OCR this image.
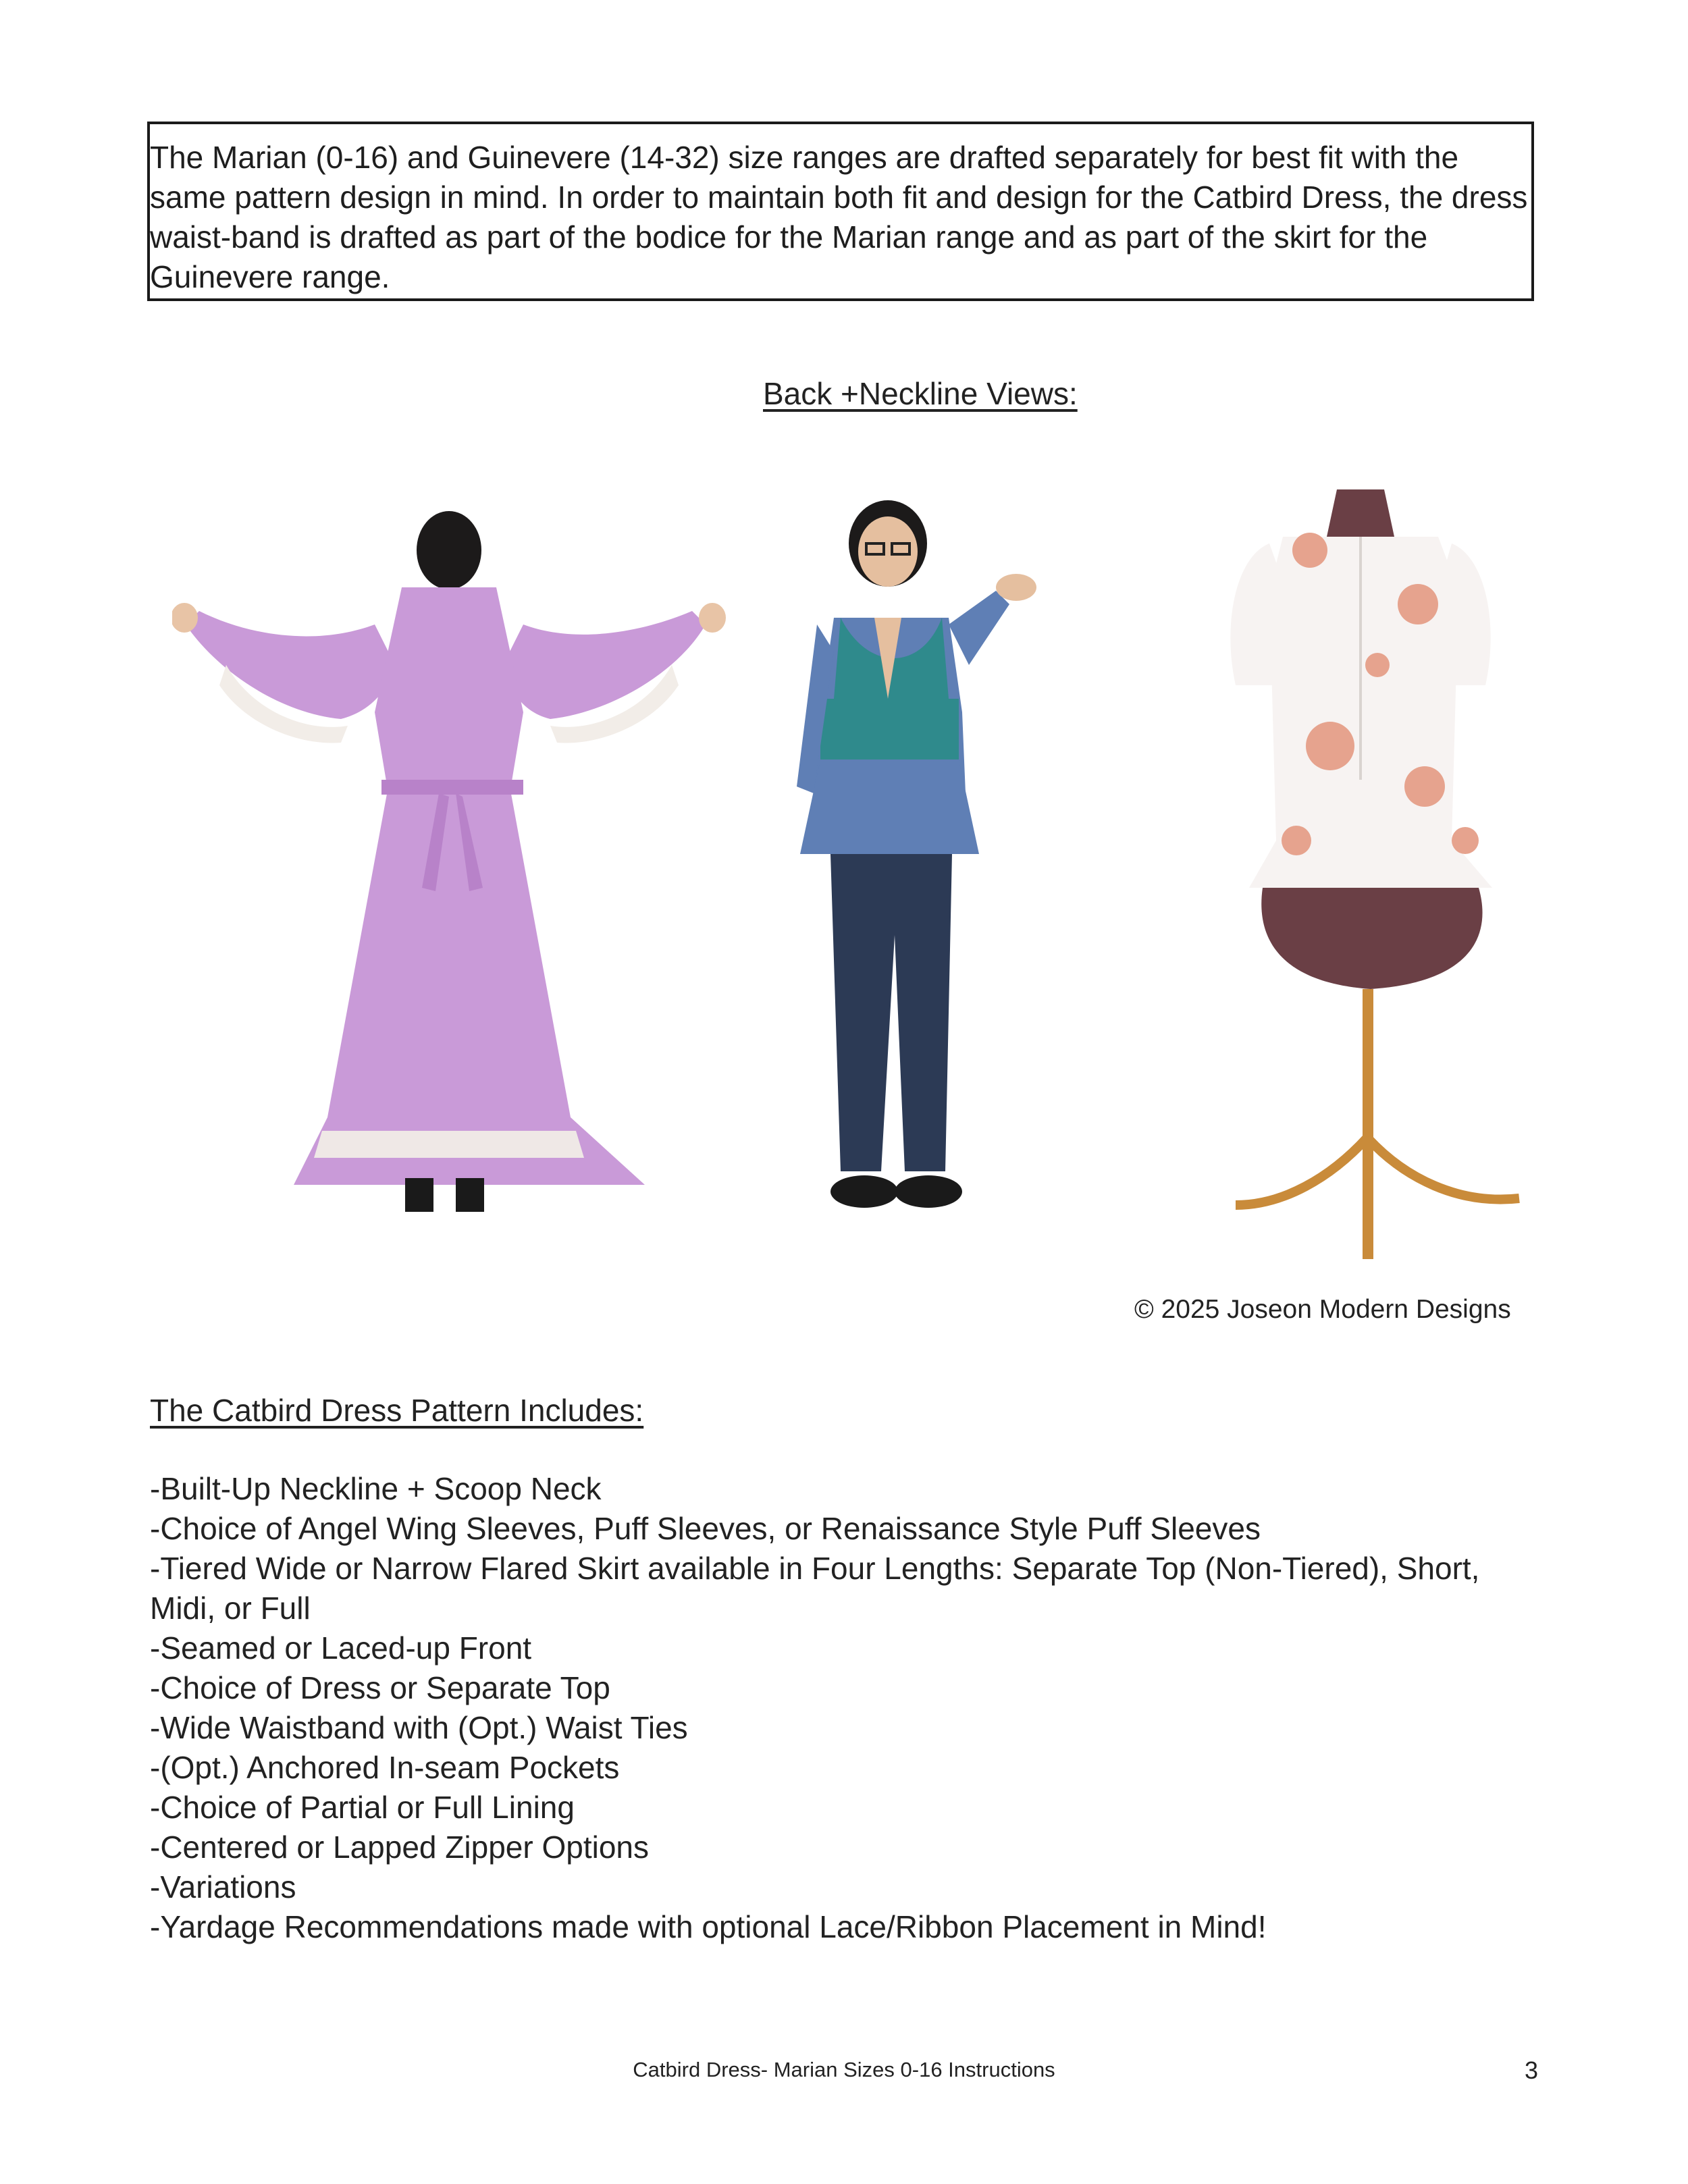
The Marian (0-16) and Guinevere (14-32) size ranges are drafted separately for best fit with the same pattern design in mind. In order to maintain both fit and design for the Catbird Dress, the dress waist-band is drafted as part of the bodice for the Marian range and as part of the skirt for the Guinevere range.

Back +Neckline Views:
© 2025 Joseon Modern Designs
The Catbird Dress Pattern Includes:
-Built-Up Neckline + Scoop Neck
-Choice of Angel Wing Sleeves, Puff Sleeves, or Renaissance Style Puff Sleeves
-Tiered Wide or Narrow Flared Skirt available in Four Lengths: Separate Top (Non-Tiered), Short, Midi, or Full
-Seamed or Laced-up Front
-Choice of Dress or Separate Top
-Wide Waistband with (Opt.) Waist Ties
-(Opt.) Anchored In-seam Pockets
-Choice of Partial or Full Lining
-Centered or Lapped Zipper Options
-Variations
-Yardage Recommendations made with optional Lace/Ribbon Placement in Mind!
Catbird Dress- Marian Sizes 0-16 Instructions	3
